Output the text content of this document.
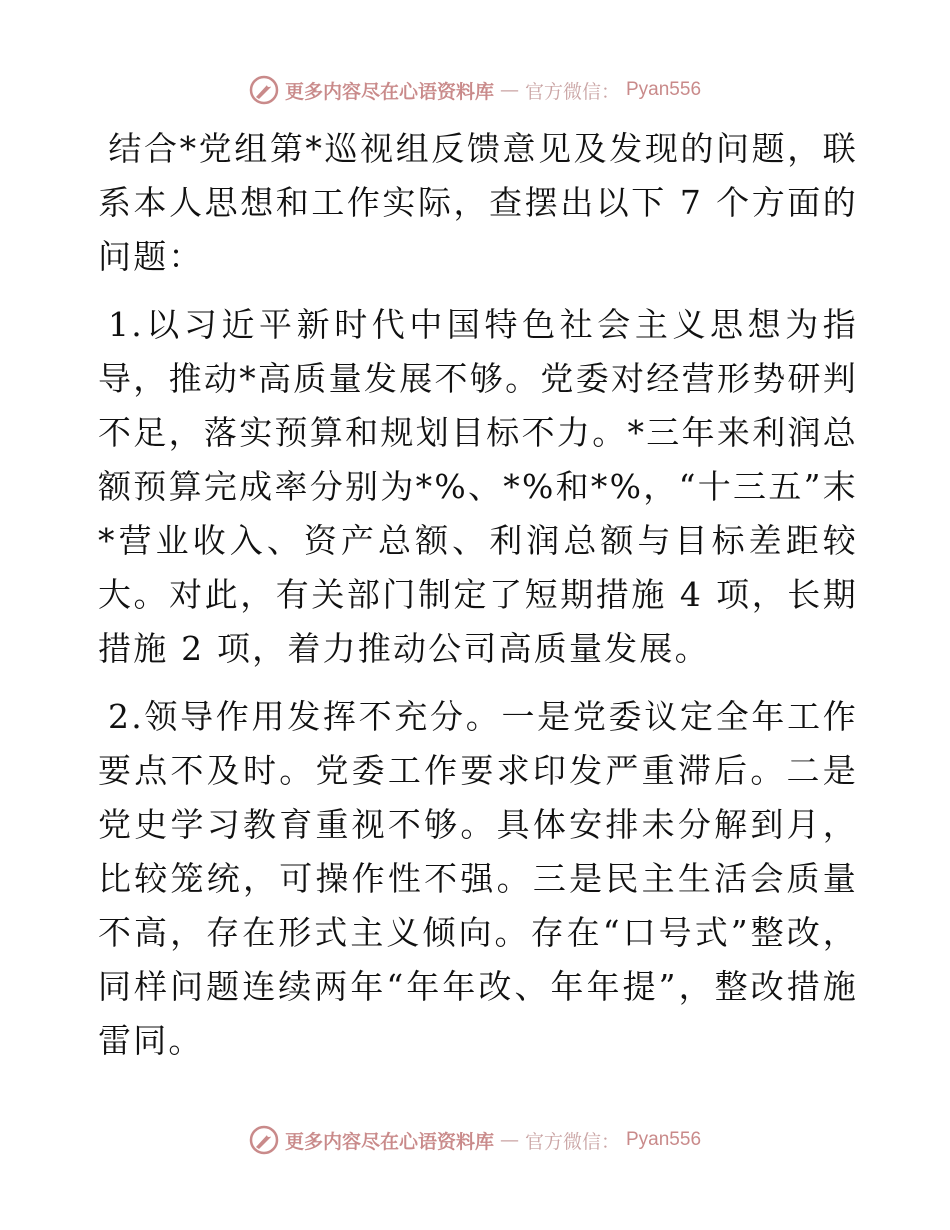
更多内容尽在心语资料库 — 官方微信： Pyan556

结合*党组第*巡视组反馈意见及发现的问题，联系本人思想和工作实际，查摆出以下 7 个方面的问题：

1.以习近平新时代中国特色社会主义思想为指导，推动*高质量发展不够。党委对经营形势研判不足，落实预算和规划目标不力。*三年来利润总额预算完成率分别为*%、*%和*%，“十三五”末*营业收入、资产总额、利润总额与目标差距较大。对此，有关部门制定了短期措施 4 项，长期措施 2 项，着力推动公司高质量发展。

2.领导作用发挥不充分。一是党委议定全年工作要点不及时。党委工作要求印发严重滞后。二是党史学习教育重视不够。具体安排未分解到月，比较笼统，可操作性不强。三是民主生活会质量不高，存在形式主义倾向。存在“口号式”整改，同样问题连续两年“年年改、年年提”，整改措施雷同。

更多内容尽在心语资料库 — 官方微信： Pyan556
